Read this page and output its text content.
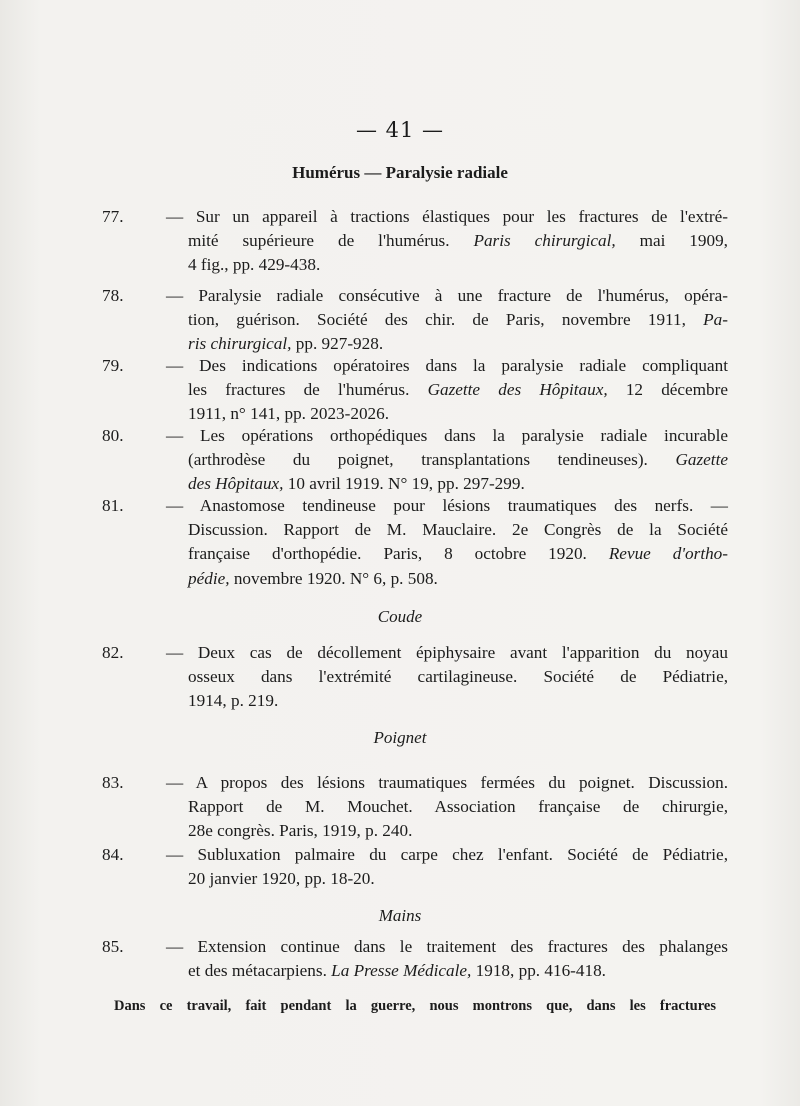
— 41 —
Humérus — Paralysie radiale
77.	— Sur un appareil à tractions élastiques pour les fractures de l'extré-
mité supérieure de l'humérus. Paris chirurgical, mai 1909,
4 fig., pp. 429-438.
78.	— Paralysie radiale consécutive à une fracture de l'humérus, opéra-
tion, guérison. Société des chir. de Paris, novembre 1911, Pa-
ris chirurgical, pp. 927-928.
79.	— Des indications opératoires dans la paralysie radiale compliquant
les fractures de l'humérus. Gazette des Hôpitaux, 12 décembre
1911, n° 141, pp. 2023-2026.
80.	— Les opérations orthopédiques dans la paralysie radiale incurable
(arthrodèse du poignet, transplantations tendineuses). Gazette
des Hôpitaux, 10 avril 1919. N° 19, pp. 297-299.
81.	— Anastomose tendineuse pour lésions traumatiques des nerfs. —
Discussion. Rapport de M. Mauclaire. 2e Congrès de la Société
française d'orthopédie. Paris, 8 octobre 1920. Revue d'ortho-
pédie, novembre 1920. N° 6, p. 508.
Coude
82.	— Deux cas de décollement épiphysaire avant l'apparition du noyau
osseux dans l'extrémité cartilagineuse. Société de Pédiatrie,
1914, p. 219.
Poignet
83.	— A propos des lésions traumatiques fermées du poignet. Discussion.
Rapport de M. Mouchet. Association française de chirurgie,
28e congrès. Paris, 1919, p. 240.
84.	— Subluxation palmaire du carpe chez l'enfant. Société de Pédiatrie,
20 janvier 1920, pp. 18-20.
Mains
85.	— Extension continue dans le traitement des fractures des phalanges
et des métacarpiens. La Presse Médicale, 1918, pp. 416-418.
Dans ce travail, fait pendant la guerre, nous montrons que, dans les fractures
